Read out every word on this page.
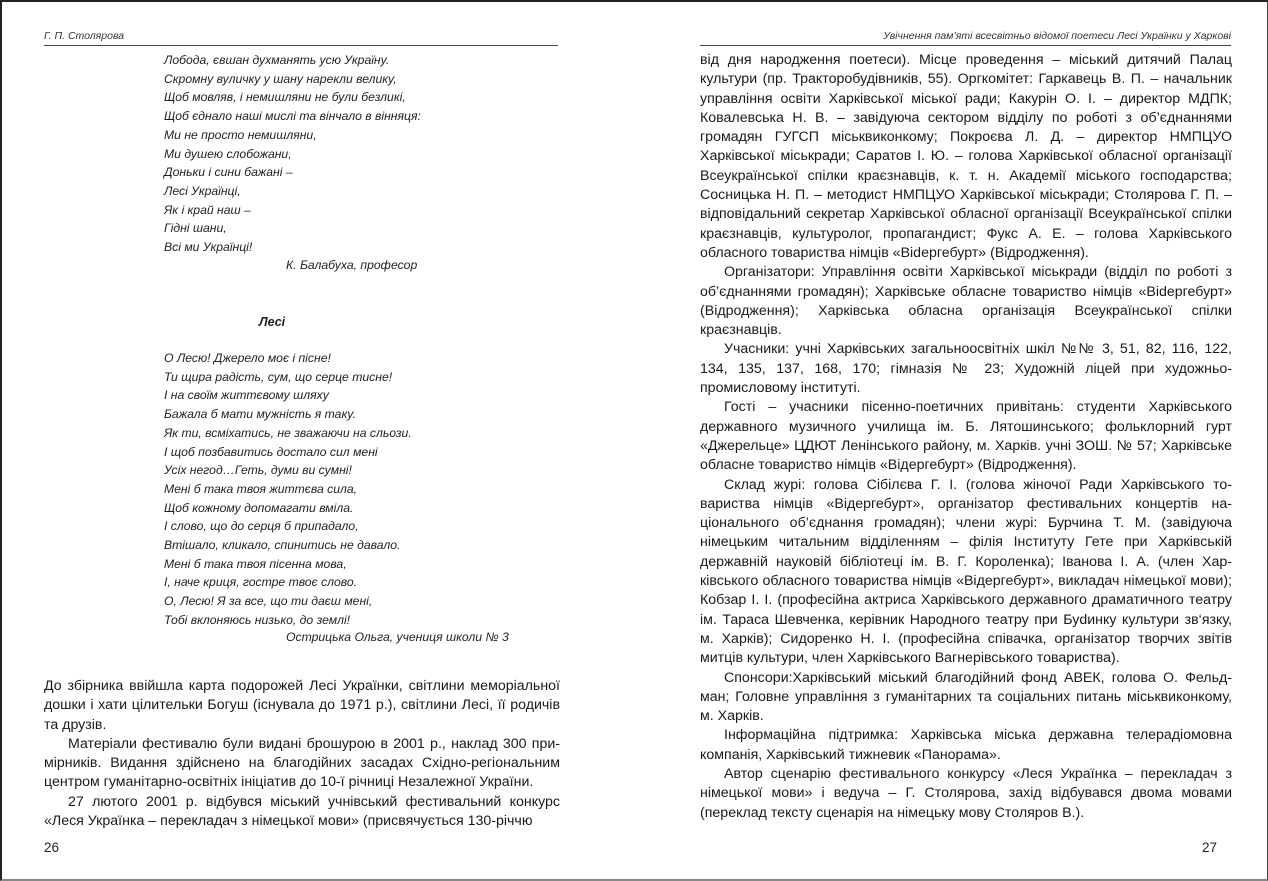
Г. П. Столярова
Лобода, євшан духманять усю Україну.
Скромну вуличку у шану нарекли велику,
Щоб мовляв, і немишляни не були безликі,
Щоб єднало наші мислі та вінчало в вінняця:
Ми не просто немишляни,
Ми душею слобожани,
Доньки і сини бажані –
Лесі Українці,
Як і край наш –
Гідні шани,
Всі ми Українці!
К. Балабуха, професор
Лесі
О Лесю! Джерело моє і пісне!
Ти щира радість, сум, що серце тисне!
І на своїм життєвому шляху
Бажала б мати мужність я таку.
Як ти, всміхатись, не зважаючи на сльози.
І щоб позбавитись достало сил мені
Усіх негод…Геть, думи ви сумні!
Мені б така твоя життєва сила,
Щоб кожному допомагати вміла.
І слово, що до серця б припадало,
Втішало, кликало, спинитись не давало.
Мені б така твоя пісенна мова,
І, наче криця, гостре твоє слово.
О, Лесю! Я за все, що ти даєш мені,
Тобі вклоняюсь низько, до землі!
Острицька Ольга, учениця школи № 3

До збірника ввійшла карта подорожей Лесі Українки, світлини меморіальної дошки і хати цілительки Богуш (існувала до 1971 р.), світлини Лесі, її родичів та друзів.

Матеріали фестивалю були видані брошурою в 2001 р., наклад 300 примірників. Видання здійснено на благодійних засадах Східно-регіональним центром гуманітарно-освітніх ініціатив до 10-ї річниці Незалежної України.

27 лютого 2001 р. відбувся міський учнівський фестивальний конкурс «Леся Українка – перекладач з німецької мови» (присвячується 130-річчю

26
Увічнення пам’яті всесвітньо відомої поетеси Лесі Українки у Харкові

від дня народження поетеси). Місце проведення – міський дитячий Палац культури (пр. Тракторобудівників, 55). Оргкомітет: Гаркавець В. П. – начальник управління освіти Харківської міської ради; Какурін О. І. – директор МДПК; Ковалевська Н. В. – завідуюча сектором відділу по роботі з об’єднаннями громадян ГУГСП міськвиконкому; Покроєва Л. Д. – директор НМПЦУО Харківської міськради; Саратов І. Ю. – голова Харківської обласної організації Всеукраїнської спілки краєзнавців, к. т. н. Академії міського господарства; Сосницька Н. П. – методист НМПЦУО Харківської міськради; Столярова Г. П. – відповідальний секретар Харківської обласної організації Всеукраїнської спілки краєзнавців, культуролог, пропагандист; Фукс А. Е. – голова Харківського обласного товариства німців «Віdергебурт» (Відродження).

Організатори: Управління освіти Харківської міськради (відділ по роботі з об’єднаннями громадян); Харківське обласне товариство німців «Віdергебурт» (Відродження); Харківська обласна організація Всеукраїнської спілки краєзнавців.

Учасники: учні Харківських загальноосвітніх шкіл №№ 3, 51, 82, 116, 122, 134, 135, 137, 168, 170; гімназія № 23; Художній ліцей при художньо-промисловому інституті.

Гості – учасники пісенно-поетичних привітань: студенти Харківського державного музичного училища ім. Б. Лятошинського; фольклорний гурт «Джерельце» ЦДЮТ Ленінського району, м. Харків. учні ЗОШ. № 57; Харківське обласне товариство німців «Відергебурт» (Відродження).

Склад журі: голова Сібілєва Г. І. (голова жіночої Ради Харківського товариства німців «Відергебурт», організатор фестивальних концертів національного об’єднання громадян); члени журі: Бурчина Т. М. (завідуюча німецьким читальним відділенням – філія Інституту Гете при Харківській державній науковій бібліотеці ім. В. Г. Короленка); Іванова І. А. (член Харківського обласного товариства німців «Відергебурт», викладач німецької мови); Кобзар І. І. (професійна актриса Харківського державного драматичного театру ім. Тараса Шевченка, керівник Народного театру при Буdинку культури зв‘язку, м. Харків); Сидоренко Н. І. (професійна співачка, організатор творчих звітів митців культури, член Харківського Вагнерівського товариства).

Спонсори:Харківський міський благодійний фонд АВЕК, голова О. Фельдман; Головне управління з гуманітарних та соціальних питань міськвиконкому, м. Харків.

Інформаційна підтримка: Харківська міська державна телерадіомовна компанія, Харківський тижневик «Панорама».

Автор сценарію фестивального конкурсу «Леся Українка – перекладач з німецької мови» і ведуча – Г. Столярова, захід відбувався двома мовами (переклад тексту сценарія на німецьку мову Столяров В.).

27
